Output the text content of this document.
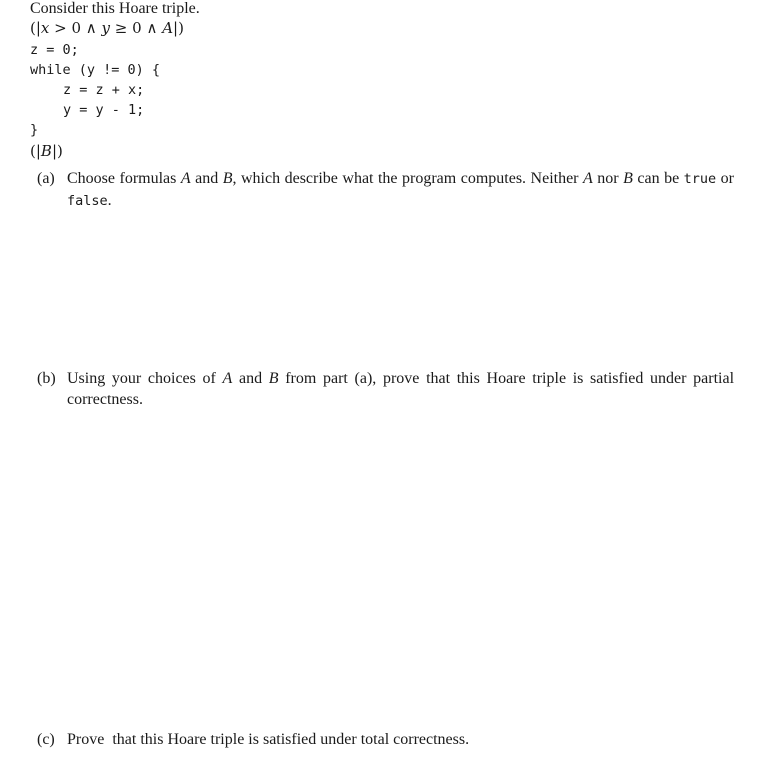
Consider this Hoare triple.
(|x > 0 ∧ y ≥ 0 ∧ A|)
z = 0;
while (y != 0) {
z = z + x;
y = y - 1;
}
(|B|)
(a) Choose formulas A and B, which describe what the program computes. Neither A nor B can be true or false.
(b) Using your choices of A and B from part (a), prove that this Hoare triple is satisfied under partial correctness.
(c) Prove  that this Hoare triple is satisfied under total correctness.
